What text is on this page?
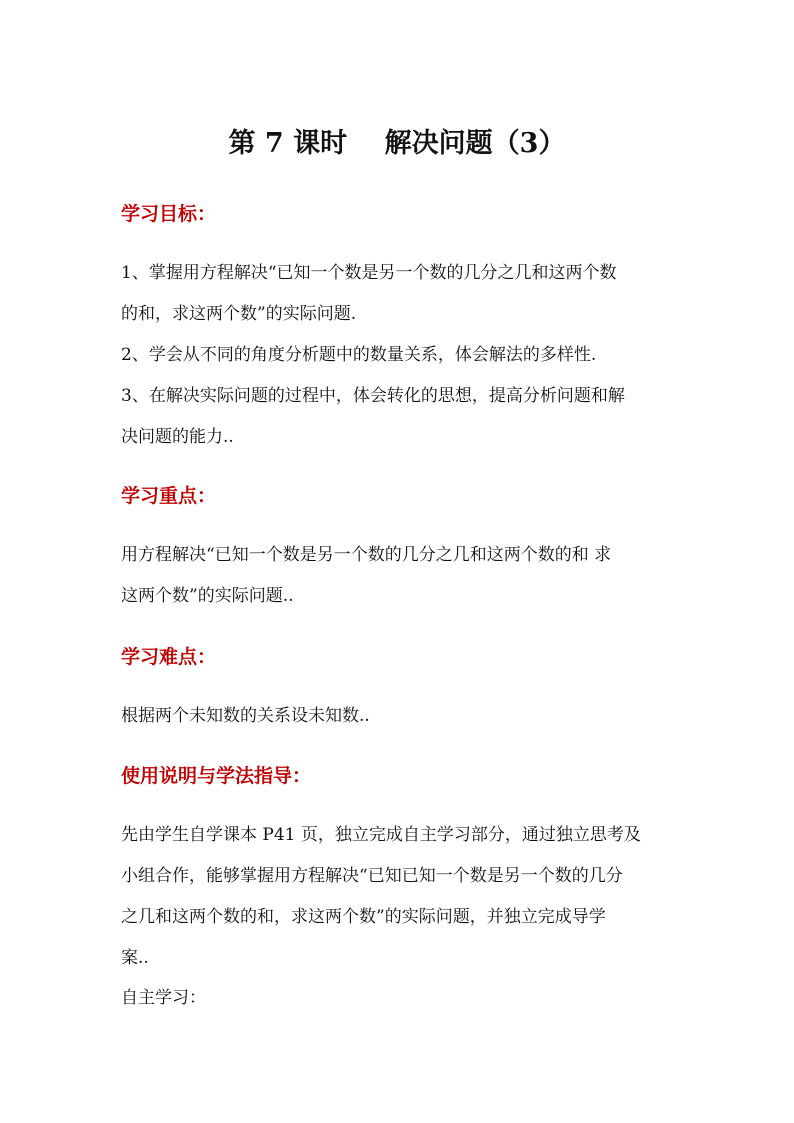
第 7 课时    解决问题（3）
学习目标：
1、掌握用方程解决“已知一个数是另一个数的几分之几和这两个数
的和，求这两个数”的实际问题.
2、学会从不同的角度分析题中的数量关系，体会解法的多样性.
3、在解决实际问题的过程中，体会转化的思想，提高分析问题和解
决问题的能力..
学习重点：
用方程解决“已知一个数是另一个数的几分之几和这两个数的和 求
这两个数”的实际问题..
学习难点：
根据两个未知数的关系设未知数..
使用说明与学法指导：
先由学生自学课本 P41 页，独立完成自主学习部分，通过独立思考及
小组合作，能够掌握用方程解决“已知已知一个数是另一个数的几分
之几和这两个数的和，求这两个数”的实际问题，并独立完成导学
案..
自主学习：
